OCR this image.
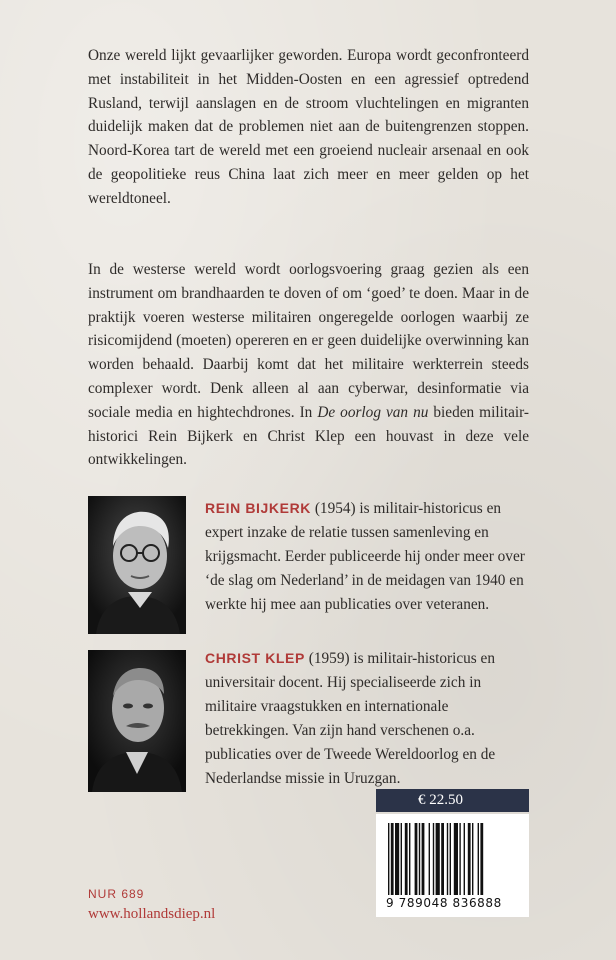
Onze wereld lijkt gevaarlijker geworden. Europa wordt geconfronteerd met instabiliteit in het Midden-Oosten en een agressief optredend Rusland, terwijl aanslagen en de stroom vluchtelingen en migranten duidelijk maken dat de problemen niet aan de buitengrenzen stoppen. Noord-Korea tart de wereld met een groeiend nucleair arsenaal en ook de geopolitieke reus China laat zich meer en meer gelden op het wereldtoneel.
In de westerse wereld wordt oorlogsvoering graag gezien als een instrument om brandhaarden te doven of om ‘goed’ te doen. Maar in de praktijk voeren westerse militairen ongeregelde oorlogen waarbij ze risicomijdend (moeten) opereren en er geen duidelijke overwinning kan worden behaald. Daarbij komt dat het militaire werkterrein steeds complexer wordt. Denk alleen al aan cyberwar, desinformatie via sociale media en hightechdrones. In De oorlog van nu bieden militair-historici Rein Bijkerk en Christ Klep een houvast in deze vele ontwikkelingen.
REIN BIJKERK (1954) is militair-historicus en expert inzake de relatie tussen samenleving en krijgsmacht. Eerder publiceerde hij onder meer over ‘de slag om Nederland’ in de meidagen van 1940 en werkte hij mee aan publicaties over veteranen.
CHRIST KLEP (1959) is militair-historicus en universitair docent. Hij specialiseerde zich in militaire vraagstukken en internationale betrekkingen. Van zijn hand verschenen o.a. publicaties over de Tweede Wereldoorlog en de Nederlandse missie in Uruzgan.
€ 22.50
9 789048 836888
NUR 689
www.hollandsdiep.nl
